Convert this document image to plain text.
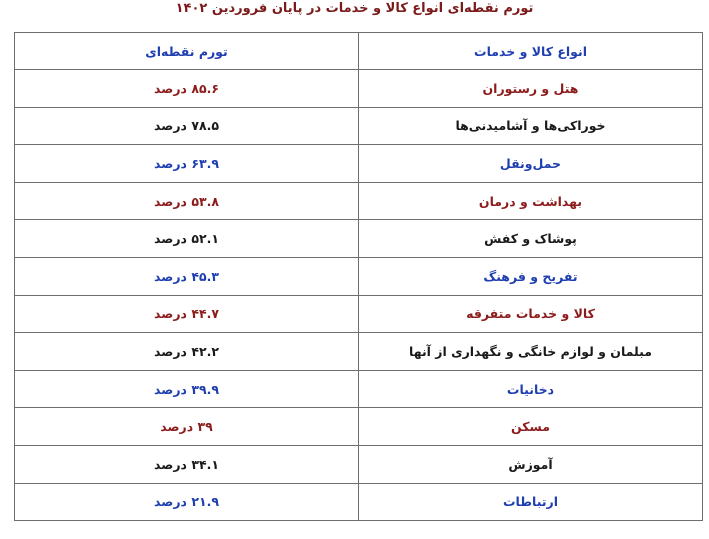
تورم نقطه‌ای انواع کالا و خدمات در پایان فروردین ۱۴۰۲
انواع کالا و خدمات	تورم نقطه‌ای
هتل و رستوران	۸۵.۶ درصد
خوراکی‌ها و آشامیدنی‌ها	۷۸.۵ درصد
حمل‌ونقل	۶۳.۹ درصد
بهداشت و درمان	۵۳.۸ درصد
پوشاک و کفش	۵۲.۱ درصد
تفریح و فرهنگ	۴۵.۳ درصد
کالا و خدمات متفرقه	۴۴.۷ درصد
مبلمان و لوازم خانگی و نگهداری از آنها	۴۲.۲ درصد
دخانیات	۳۹.۹ درصد
مسکن	۳۹ درصد
آموزش	۳۴.۱ درصد
ارتباطات	۲۱.۹ درصد
